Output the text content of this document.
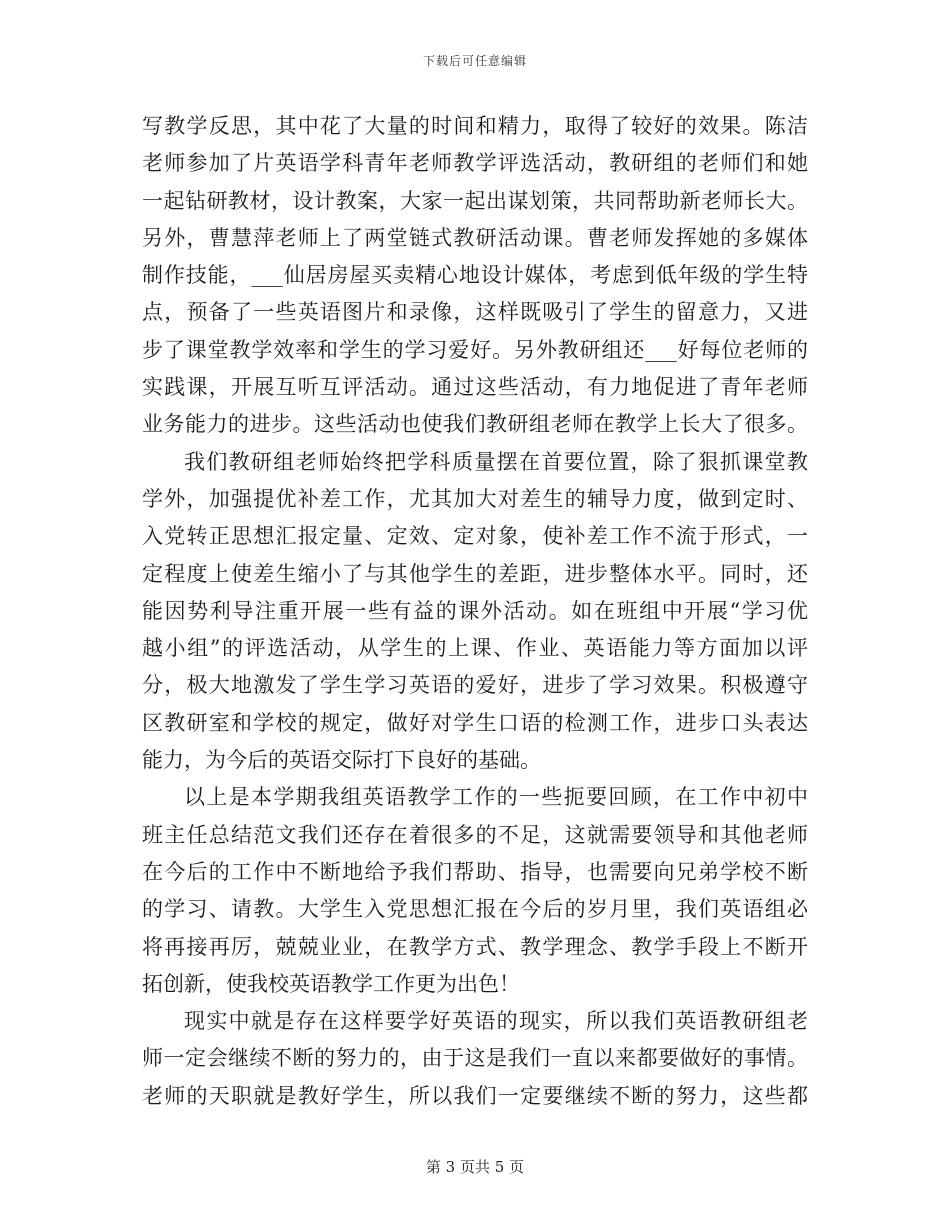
下载后可任意编辑
写教学反思，其中花了大量的时间和精力，取得了较好的效果。陈洁
老师参加了片英语学科青年老师教学评选活动，教研组的老师们和她
一起钻研教材，设计教案，大家一起出谋划策，共同帮助新老师长大。
另外，曹慧萍老师上了两堂链式教研活动课。曹老师发挥她的多媒体
制作技能，___仙居房屋买卖精心地设计媒体，考虑到低年级的学生特
点，预备了一些英语图片和录像，这样既吸引了学生的留意力，又进
步了课堂教学效率和学生的学习爱好。另外教研组还___好每位老师的
实践课，开展互听互评活动。通过这些活动，有力地促进了青年老师
业务能力的进步。这些活动也使我们教研组老师在教学上长大了很多。
我们教研组老师始终把学科质量摆在首要位置，除了狠抓课堂教
学外，加强提优补差工作，尤其加大对差生的辅导力度，做到定时、
入党转正思想汇报定量、定效、定对象，使补差工作不流于形式，一
定程度上使差生缩小了与其他学生的差距，进步整体水平。同时，还
能因势利导注重开展一些有益的课外活动。如在班组中开展“学习优
越小组”的评选活动，从学生的上课、作业、英语能力等方面加以评
分，极大地激发了学生学习英语的爱好，进步了学习效果。积极遵守
区教研室和学校的规定，做好对学生口语的检测工作，进步口头表达
能力，为今后的英语交际打下良好的基础。
以上是本学期我组英语教学工作的一些扼要回顾，在工作中初中
班主任总结范文我们还存在着很多的不足，这就需要领导和其他老师
在今后的工作中不断地给予我们帮助、指导，也需要向兄弟学校不断
的学习、请教。大学生入党思想汇报在今后的岁月里，我们英语组必
将再接再厉，兢兢业业，在教学方式、教学理念、教学手段上不断开
拓创新，使我校英语教学工作更为出色！
现实中就是存在这样要学好英语的现实，所以我们英语教研组老
师一定会继续不断的努力的，由于这是我们一直以来都要做好的事情。
老师的天职就是教好学生，所以我们一定要继续不断的努力，这些都
第 3 页共 5 页
